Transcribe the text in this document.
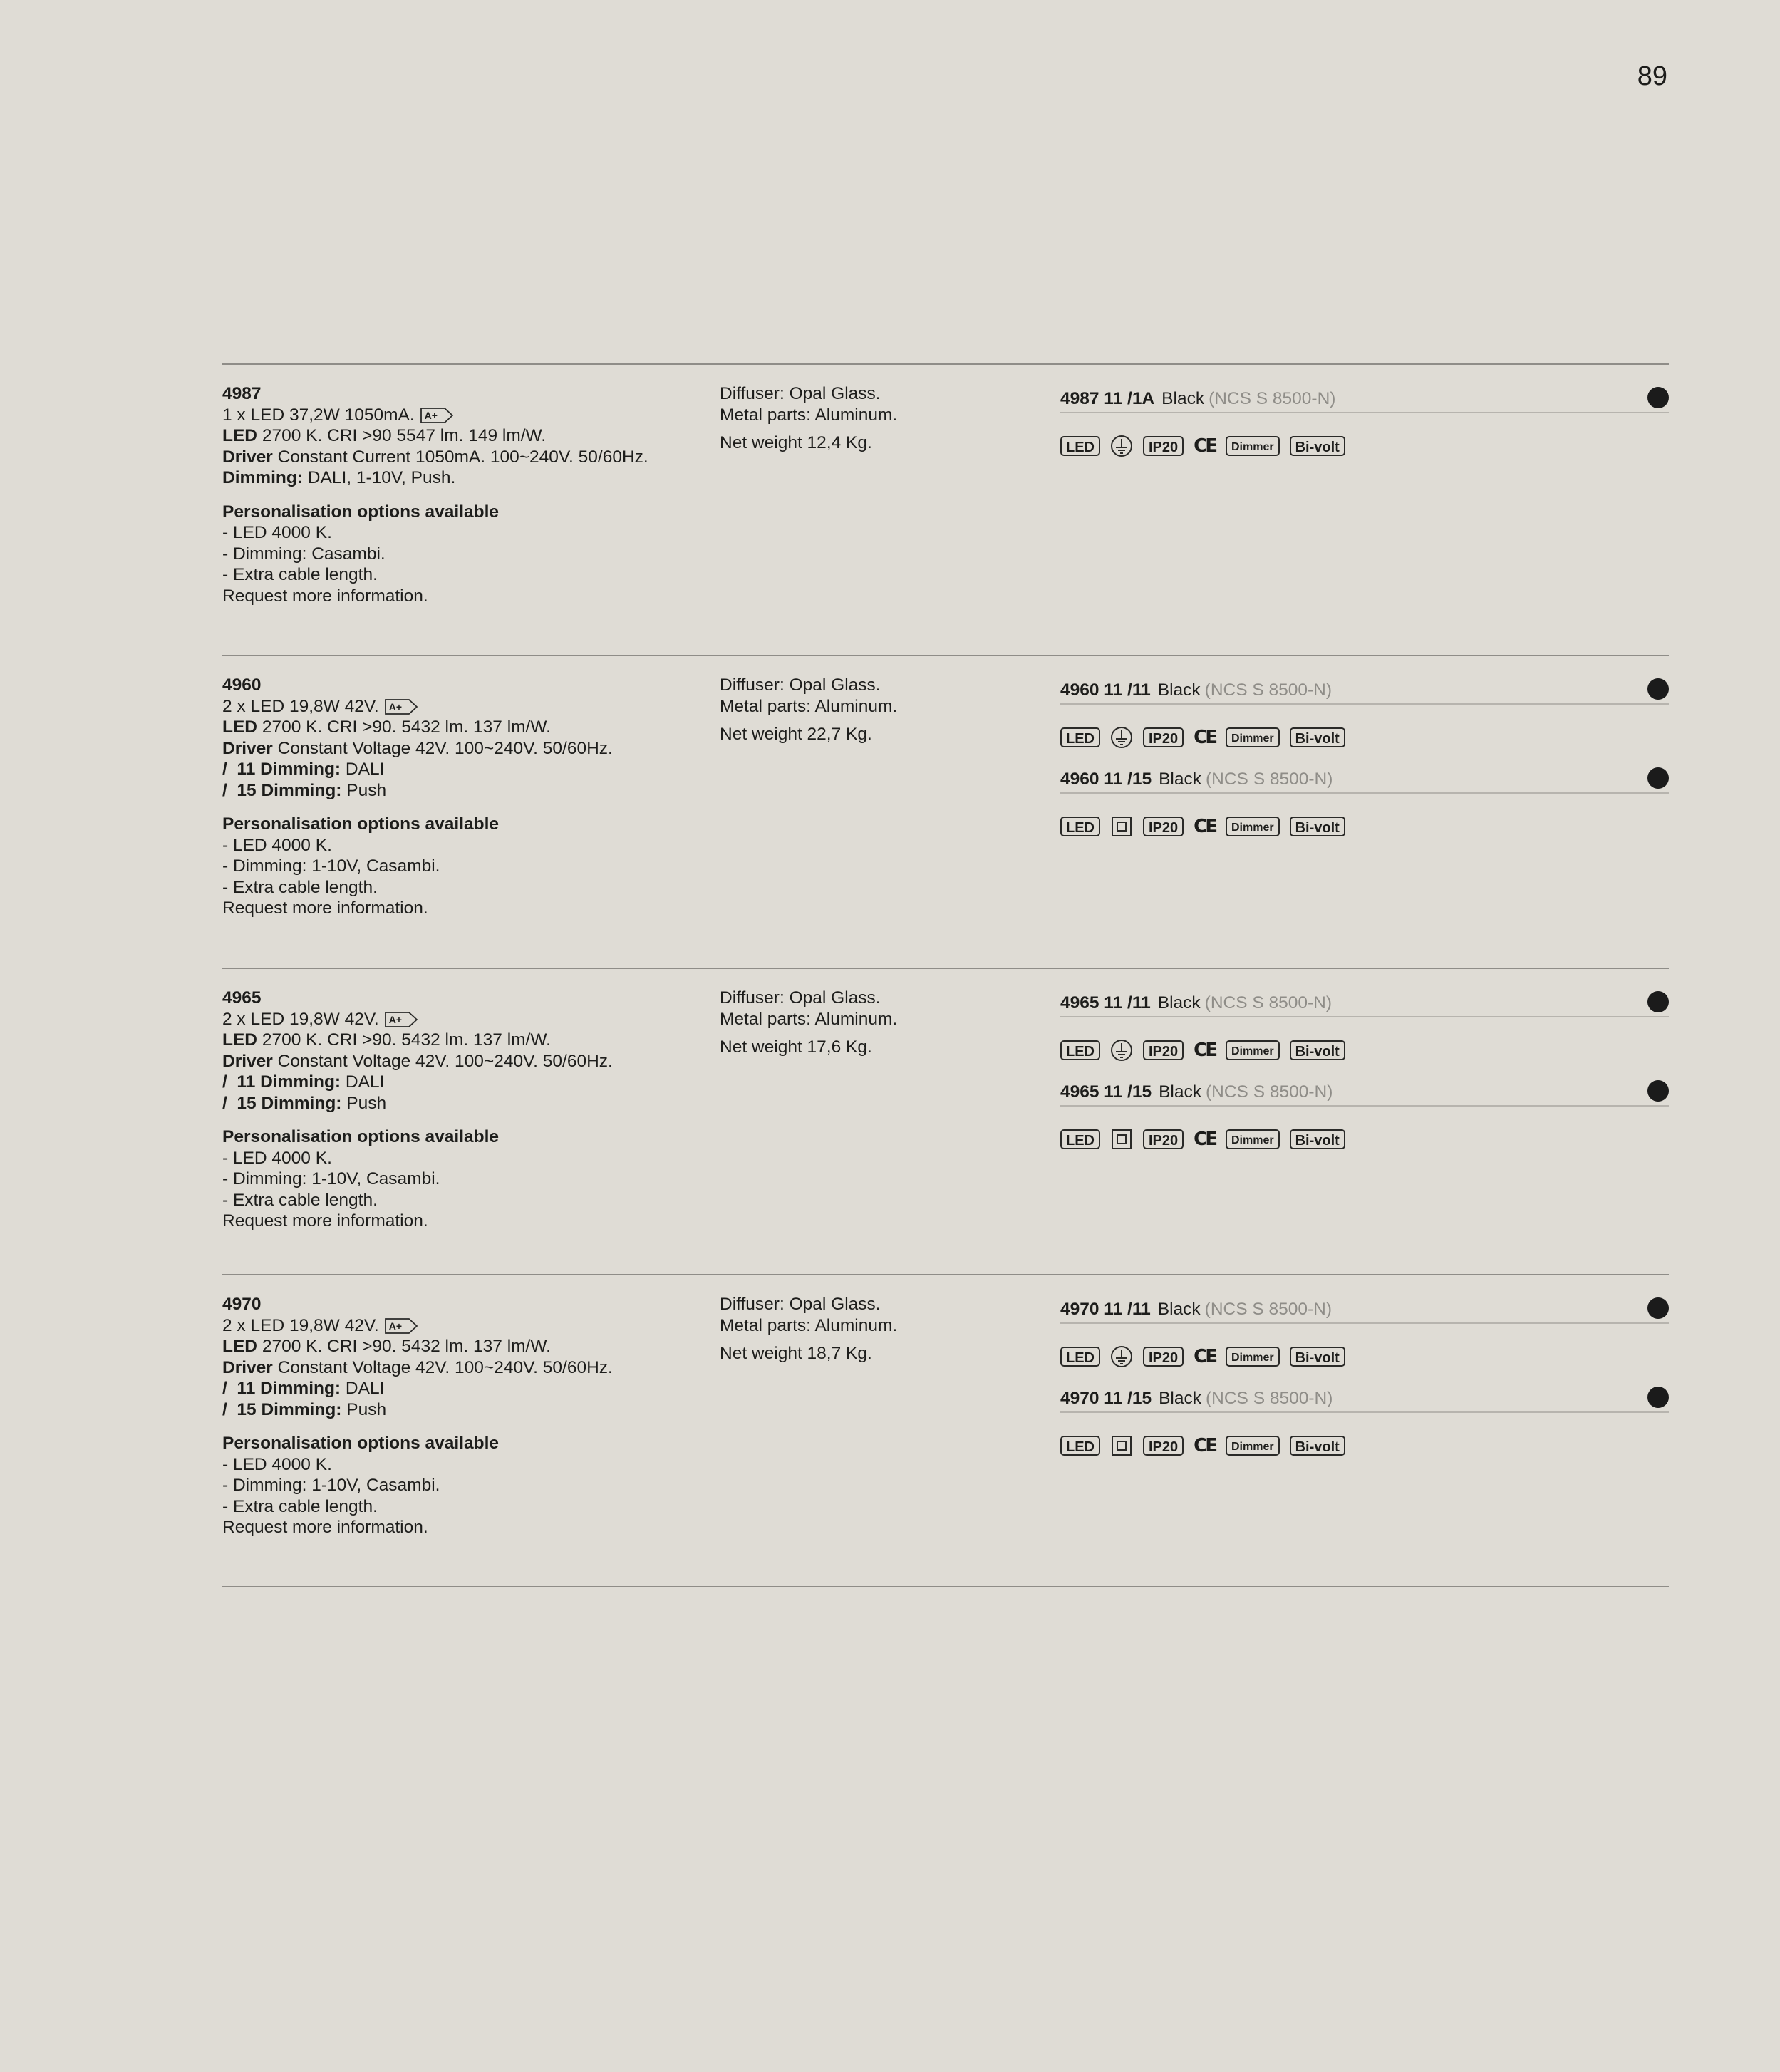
89
4987
1 x LED 37,2W 1050mA. A+
LED 2700 K. CRI >90 5547 lm. 149 lm/W.
Driver Constant Current 1050mA. 100~240V. 50/60Hz.
Dimming: DALI, 1-10V, Push.
Personalisation options available
- LED 4000 K.
- Dimming: Casambi.
- Extra cable length.
Request more information.
Diffuser: Opal Glass.
Metal parts: Aluminum.
Net weight 12,4 Kg.
4987 11 /1A Black (NCS S 8500-N)
LED	IP20 CE	Dimmer	Bi-volt
4960
2 x LED 19,8W 42V. A+
LED 2700 K. CRI >90. 5432 lm. 137 lm/W.
Driver Constant Voltage 42V. 100~240V. 50/60Hz.
/  11 Dimming: DALI
/  15 Dimming: Push
Personalisation options available
- LED 4000 K.
- Dimming: 1-10V, Casambi.
- Extra cable length.
Request more information.
Diffuser: Opal Glass.
Metal parts: Aluminum.
Net weight 22,7 Kg.
4960 11 /11 Black (NCS S 8500-N)
LED	IP20 CE	Dimmer	Bi-volt
4960 11 /15 Black (NCS S 8500-N)
LED	IP20 CE	Dimmer	Bi-volt
4965
2 x LED 19,8W 42V. A+
LED 2700 K. CRI >90. 5432 lm. 137 lm/W.
Driver Constant Voltage 42V. 100~240V. 50/60Hz.
/  11 Dimming: DALI
/  15 Dimming: Push
Personalisation options available
- LED 4000 K.
- Dimming: 1-10V, Casambi.
- Extra cable length.
Request more information.
Diffuser: Opal Glass.
Metal parts: Aluminum.
Net weight 17,6 Kg.
4965 11 /11 Black (NCS S 8500-N)
LED	IP20 CE	Dimmer	Bi-volt
4965 11 /15 Black (NCS S 8500-N)
LED	IP20 CE	Dimmer	Bi-volt
4970
2 x LED 19,8W 42V. A+
LED 2700 K. CRI >90. 5432 lm. 137 lm/W.
Driver Constant Voltage 42V. 100~240V. 50/60Hz.
/  11 Dimming: DALI
/  15 Dimming: Push
Personalisation options available
- LED 4000 K.
- Dimming: 1-10V, Casambi.
- Extra cable length.
Request more information.
Diffuser: Opal Glass.
Metal parts: Aluminum.
Net weight 18,7 Kg.
4970 11 /11 Black (NCS S 8500-N)
LED	IP20 CE	Dimmer	Bi-volt
4970 11 /15 Black (NCS S 8500-N)
LED	IP20 CE	Dimmer	Bi-volt
